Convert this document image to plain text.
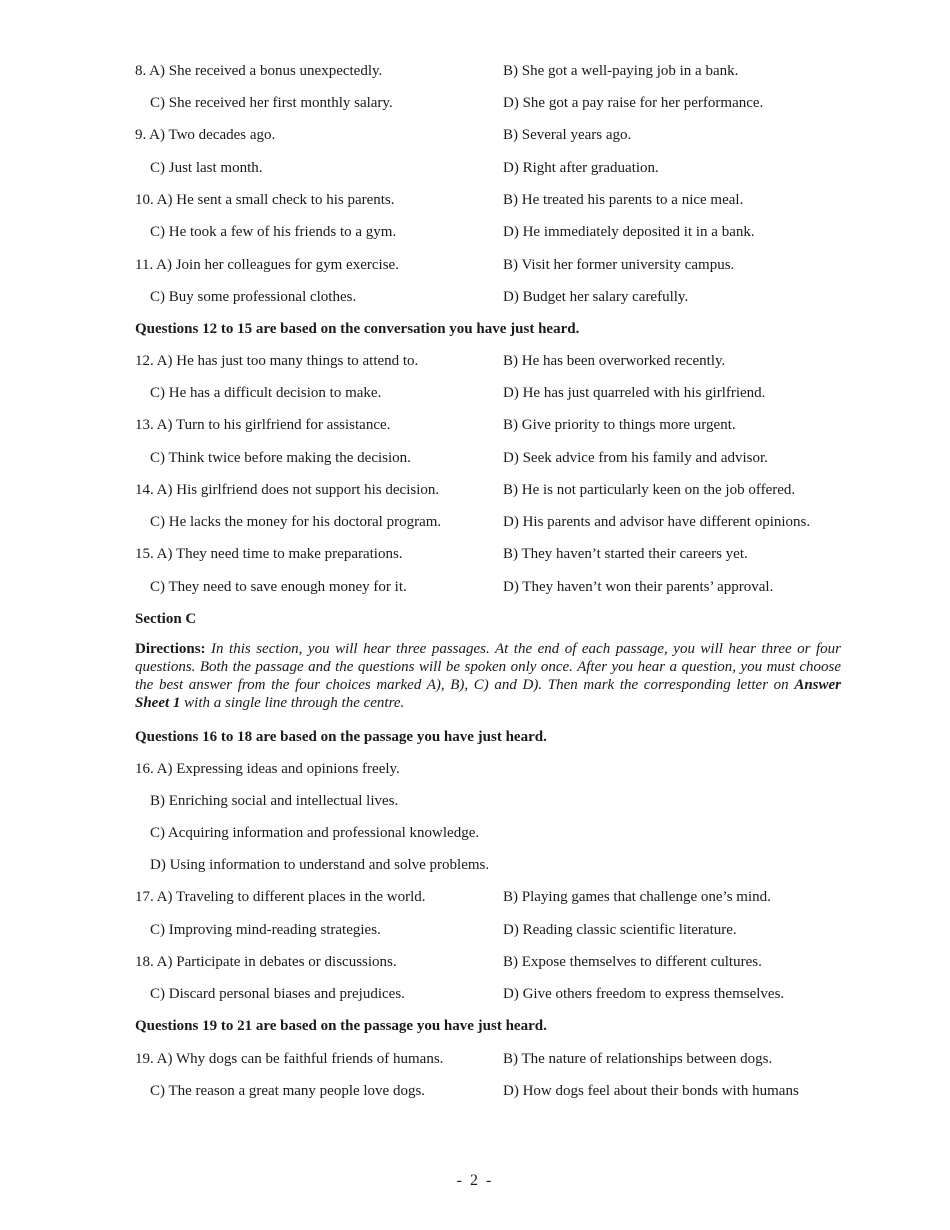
8. A) She received a bonus unexpectedly.	B) She got a well-paying job in a bank.
C) She received her first monthly salary.	D) She got a pay raise for her performance.
9. A) Two decades ago.	B) Several years ago.
C) Just last month.	D) Right after graduation.
10. A) He sent a small check to his parents.	B) He treated his parents to a nice meal.
C) He took a few of his friends to a gym.	D) He immediately deposited it in a bank.
11. A) Join her colleagues for gym exercise.	B) Visit her former university campus.
C) Buy some professional clothes.	D) Budget her salary carefully.
Questions 12 to 15 are based on the conversation you have just heard.
12. A) He has just too many things to attend to.	B) He has been overworked recently.
C) He has a difficult decision to make.	D) He has just quarreled with his girlfriend.
13. A) Turn to his girlfriend for assistance.	B) Give priority to things more urgent.
C) Think twice before making the decision.	D) Seek advice from his family and advisor.
14. A) His girlfriend does not support his decision.	B) He is not particularly keen on the job offered.
C) He lacks the money for his doctoral program.	D) His parents and advisor have different opinions.
15. A) They need time to make preparations.	B) They haven’t started their careers yet.
C) They need to save enough money for it.	D) They haven’t won their parents’ approval.
Section C
Directions: In this section, you will hear three passages. At the end of each passage, you will hear three or four questions. Both the passage and the questions will be spoken only once. After you hear a question, you must choose the best answer from the four choices marked A), B), C) and D). Then mark the corresponding letter on Answer Sheet 1 with a single line through the centre.
Questions 16 to 18 are based on the passage you have just heard.
16. A) Expressing ideas and opinions freely.
B) Enriching social and intellectual lives.
C) Acquiring information and professional knowledge.
D) Using information to understand and solve problems.
17. A) Traveling to different places in the world.	B) Playing games that challenge one’s mind.
C) Improving mind-reading strategies.	D) Reading classic scientific literature.
18. A) Participate in debates or discussions.	B) Expose themselves to different cultures.
C) Discard personal biases and prejudices.	D) Give others freedom to express themselves.
Questions 19 to 21 are based on the passage you have just heard.
19. A) Why dogs can be faithful friends of humans.	B) The nature of relationships between dogs.
C) The reason a great many people love dogs.	D) How dogs feel about their bonds with humans
- 2 -
